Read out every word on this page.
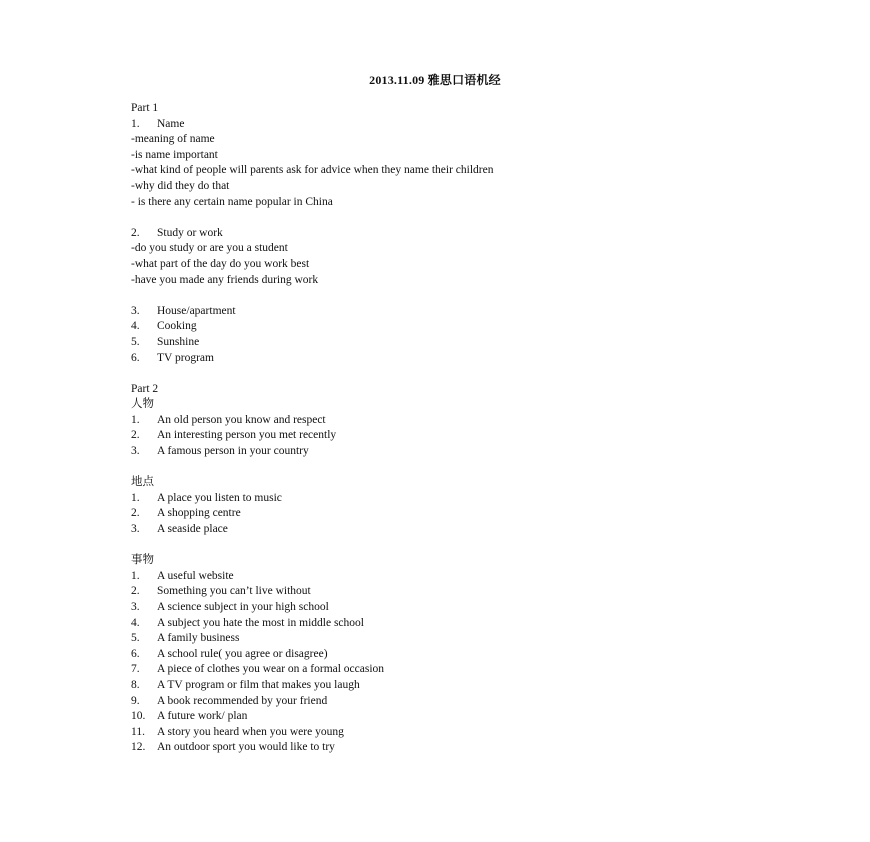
2013.11.09 雅思口语机经
Part 1
1. Name
-meaning of name
-is name important
-what kind of people will parents ask for advice when they name their children
-why did they do that
- is there any certain name popular in China
2. Study or work
-do you study or are you a student
-what part of the day do you work best
-have you made any friends during work
3. House/apartment
4. Cooking
5. Sunshine
6. TV program
Part 2
人物
1. An old person you know and respect
2. An interesting person you met recently
3. A famous person in your country
地点
1. A place you listen to music
2. A shopping centre
3. A seaside place
事物
1. A useful website
2. Something you can’t live without
3. A science subject in your high school
4. A subject you hate the most in middle school
5. A family business
6. A school rule( you agree or disagree)
7. A piece of clothes you wear on a formal occasion
8. A TV program or film that makes you laugh
9. A book recommended by your friend
10. A future work/ plan
11. A story you heard when you were young
12. An outdoor sport you would like to try
